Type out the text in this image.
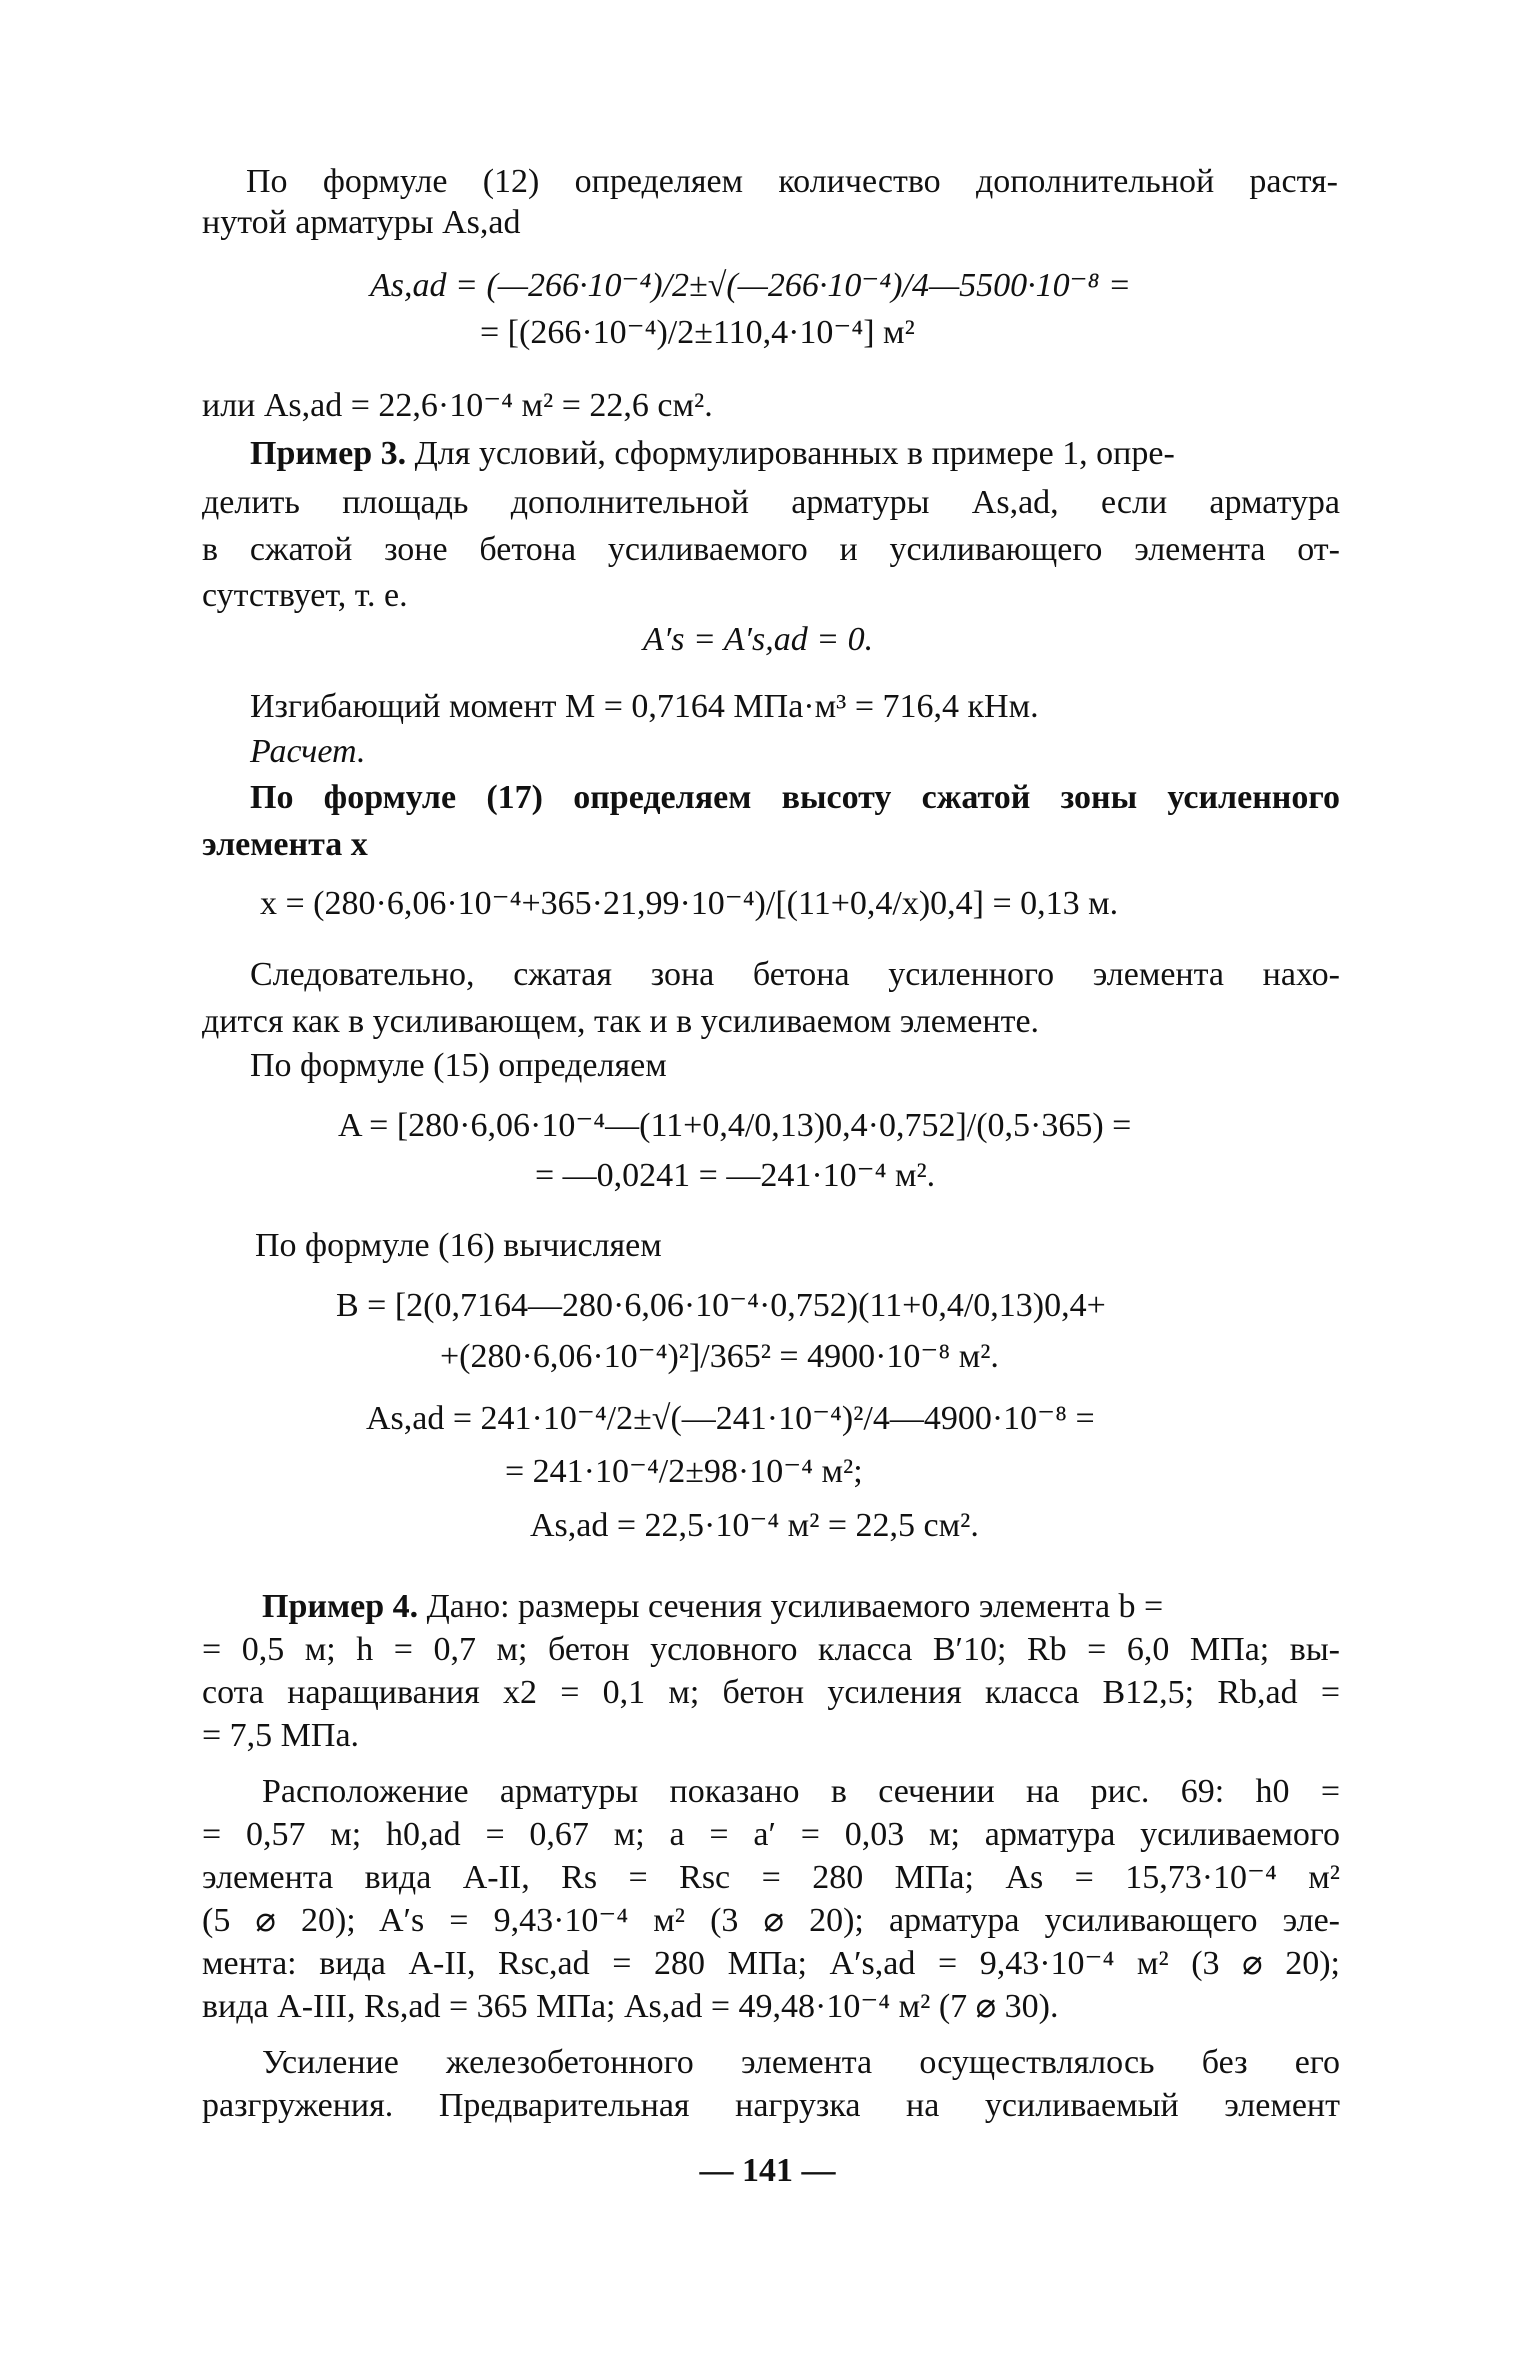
По формуле (12) определяем количество дополнительной растя-
нутой арматуры As,ad
As,ad = (—266·10⁻⁴)/2±√(—266·10⁻⁴)/4—5500·10⁻⁸ =
= [(266·10⁻⁴)/2±110,4·10⁻⁴] м²
или As,ad = 22,6·10⁻⁴ м² = 22,6 см².
Пример 3. Для условий, сформулированных в примере 1, опре-
делить площадь дополнительной арматуры As,ad, если арматура
в сжатой зоне бетона усиливаемого и усиливающего элемента от-
сутствует, т. е.
A′s = A′s,ad = 0.
Изгибающий момент M = 0,7164 МПа·м³ = 716,4 кНм.
Расчет.
По формуле (17) определяем высоту сжатой зоны усиленного
элемента x
x = (280·6,06·10⁻⁴+365·21,99·10⁻⁴)/[(11+0,4/x)0,4] = 0,13 м.
Следовательно, сжатая зона бетона усиленного элемента нахо-
дится как в усиливающем, так и в усиливаемом элементе.
По формуле (15) определяем
A = [280·6,06·10⁻⁴—(11+0,4/0,13)0,4·0,752]/(0,5·365) =
= —0,0241 = —241·10⁻⁴ м².
По формуле (16) вычисляем
B = [2(0,7164—280·6,06·10⁻⁴·0,752)(11+0,4/0,13)0,4+
+(280·6,06·10⁻⁴)²]/365² = 4900·10⁻⁸ м².
As,ad = 241·10⁻⁴/2±√(—241·10⁻⁴)²/4—4900·10⁻⁸ =
= 241·10⁻⁴/2±98·10⁻⁴ м²;
As,ad = 22,5·10⁻⁴ м² = 22,5 см².
Пример 4. Дано: размеры сечения усиливаемого элемента b =
= 0,5 м; h = 0,7 м; бетон условного класса В′10; Rb = 6,0 МПа; вы-
сота наращивания x2 = 0,1 м; бетон усиления класса В12,5; Rb,ad =
= 7,5 МПа.
Расположение арматуры показано в сечении на рис. 69: h0 =
= 0,57 м; h0,ad = 0,67 м; a = a′ = 0,03 м; арматура усиливаемого
элемента вида А-II, Rs = Rsc = 280 МПа; As = 15,73·10⁻⁴ м²
(5 ⌀ 20); A′s = 9,43·10⁻⁴ м² (3 ⌀ 20); арматура усиливающего эле-
мента: вида А-II, Rsc,ad = 280 МПа; A′s,ad = 9,43·10⁻⁴ м² (3 ⌀ 20);
вида А-III, Rs,ad = 365 МПа; As,ad = 49,48·10⁻⁴ м² (7 ⌀ 30).
Усиление железобетонного элемента осуществлялось без его
разгружения. Предварительная нагрузка на усиливаемый элемент
— 141 —
